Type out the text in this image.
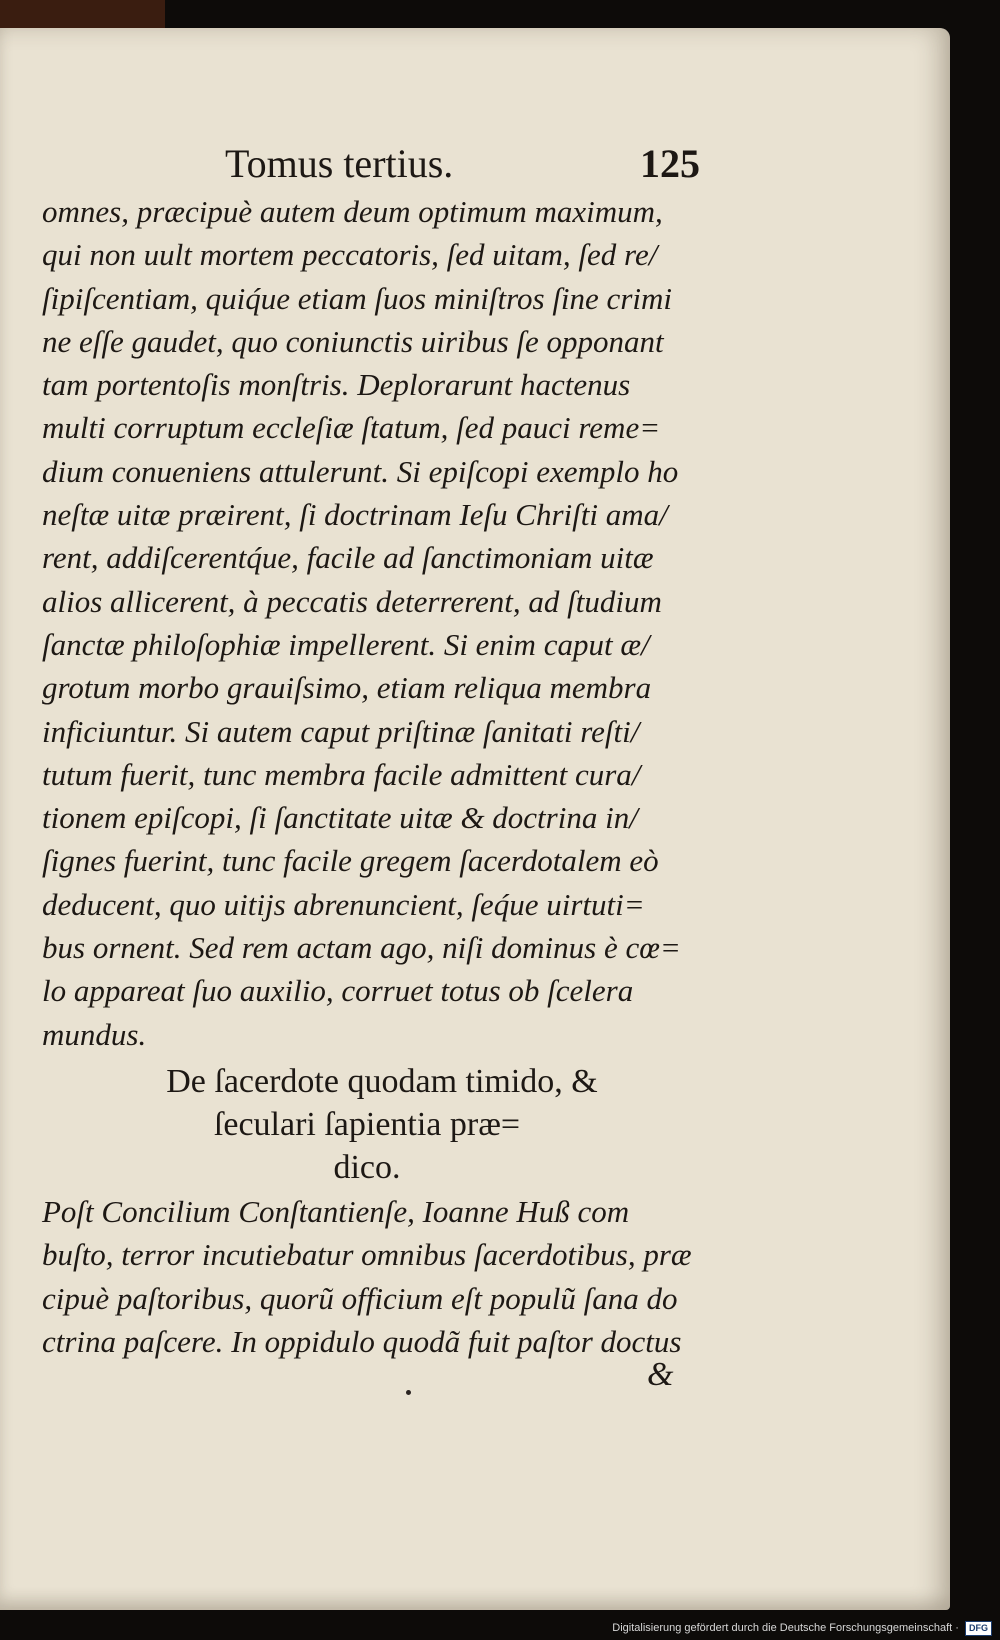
Tomus tertius.	125
omnes, præcipuè autem deum optimum maximum,
qui non uult mortem peccatoris, ſed uitam, ſed re/
ſipiſcentiam, quiq́ue etiam ſuos miniſtros ſine crimi
ne eſſe gaudet, quo coniunctis uiribus ſe opponant
tam portentoſis monſtris. Deplorarunt hactenus
multi corruptum eccleſiæ ſtatum, ſed pauci reme=
dium conueniens attulerunt. Si epiſcopi exemplo ho
neſtæ uitæ præirent, ſi doctrinam Ieſu Chriſti ama/
rent, addiſcerentq́ue, facile ad ſanctimoniam uitæ
alios allicerent, à peccatis deterrerent, ad ſtudium
ſanctæ philoſophiæ impellerent. Si enim caput æ/
grotum morbo grauiſsimo, etiam reliqua membra
inficiuntur. Si autem caput priſtinæ ſanitati reſti/
tutum fuerit, tunc membra facile admittent cura/
tionem epiſcopi, ſi ſanctitate uitæ & doctrina in/
ſignes fuerint, tunc facile gregem ſacerdotalem eò
deducent, quo uitijs abrenuncient, ſeq́ue uirtuti=
bus ornent. Sed rem actam ago, niſi dominus è cœ=
lo appareat ſuo auxilio, corruet totus ob ſcelera
mundus.
De ſacerdote quodam timido, &
ſeculari ſapientia præ=
dico.
Poſt Concilium Conſtantienſe, Ioanne Huß com
buſto, terror incutiebatur omnibus ſacerdotibus, præ
cipuè paſtoribus, quorũ officium eſt populũ ſana do
ctrina paſcere. In oppidulo quodã fuit paſtor doctus
&
Digitalisierung gefördert durch die Deutsche Forschungsgemeinschaft · DFG
